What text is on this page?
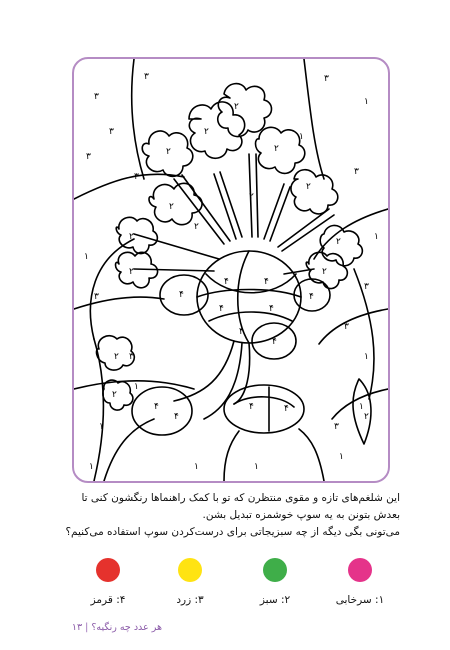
۳
۳	۳
۱
۳
۳
۳
۳
۱
۳
۱
۳
۳
۱
۱
۱
۱
۱
۳
۳
۱
۱
۱	۱
۲
۲
۲
۲
۲
۲
۲
۲
۲	۲
۲
۲
۲
۲
۲
۴	۴
۴	۴
۴
۴	۴
۴
۴
۴
۴	۴

این شلغم‌های تازه و مقوی منتظرن که تو با کمک راهنماها رنگشون کنی تا

بعدش بتونن به یه سوپ خوشمزه تبدیل بشن.

می‌تونی بگی دیگه از چه سبزیجاتی برای درست‌کردن سوپ استفاده می‌کنیم؟

۱: سرخابی
۲: سبز
۳: زرد
۴: قرمز
هر عدد چه رنگیه؟|۱۳
